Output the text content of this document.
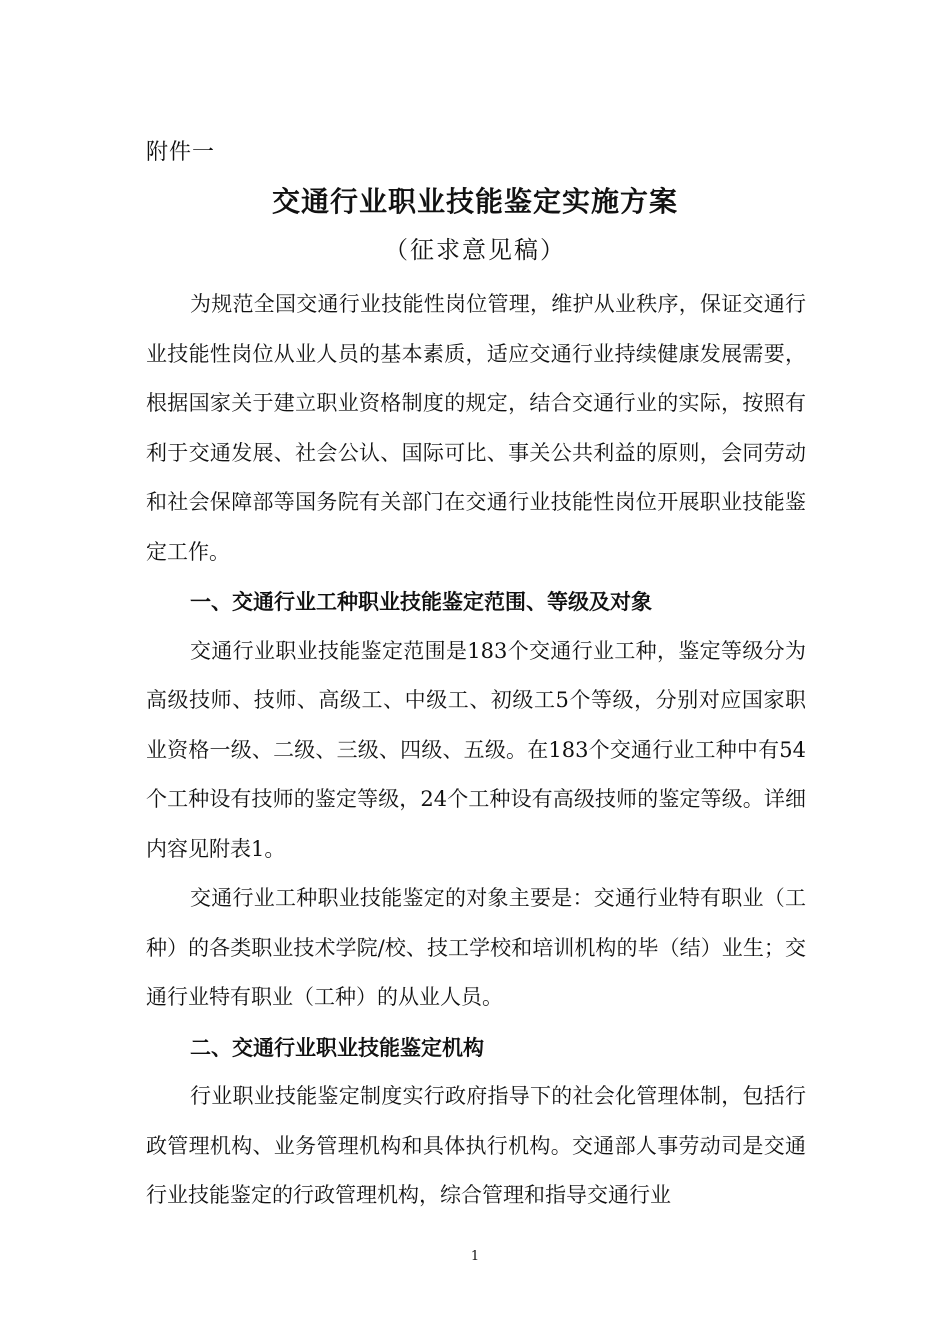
附件一
交通行业职业技能鉴定实施方案
（征求意见稿）

为规范全国交通行业技能性岗位管理，维护从业秩序，保证交通行业技能性岗位从业人员的基本素质，适应交通行业持续健康发展需要，根据国家关于建立职业资格制度的规定，结合交通行业的实际，按照有利于交通发展、社会公认、国际可比、事关公共利益的原则，会同劳动和社会保障部等国务院有关部门在交通行业技能性岗位开展职业技能鉴定工作。

一、交通行业工种职业技能鉴定范围、等级及对象

交通行业职业技能鉴定范围是183个交通行业工种，鉴定等级分为高级技师、技师、高级工、中级工、初级工5个等级，分别对应国家职业资格一级、二级、三级、四级、五级。在183个交通行业工种中有54个工种设有技师的鉴定等级，24个工种设有高级技师的鉴定等级。详细内容见附表1。

交通行业工种职业技能鉴定的对象主要是：交通行业特有职业（工种）的各类职业技术学院/校、技工学校和培训机构的毕（结）业生；交通行业特有职业（工种）的从业人员。

二、交通行业职业技能鉴定机构

行业职业技能鉴定制度实行政府指导下的社会化管理体制，包括行政管理机构、业务管理机构和具体执行机构。交通部人事劳动司是交通行业技能鉴定的行政管理机构，综合管理和指导交通行业

1
